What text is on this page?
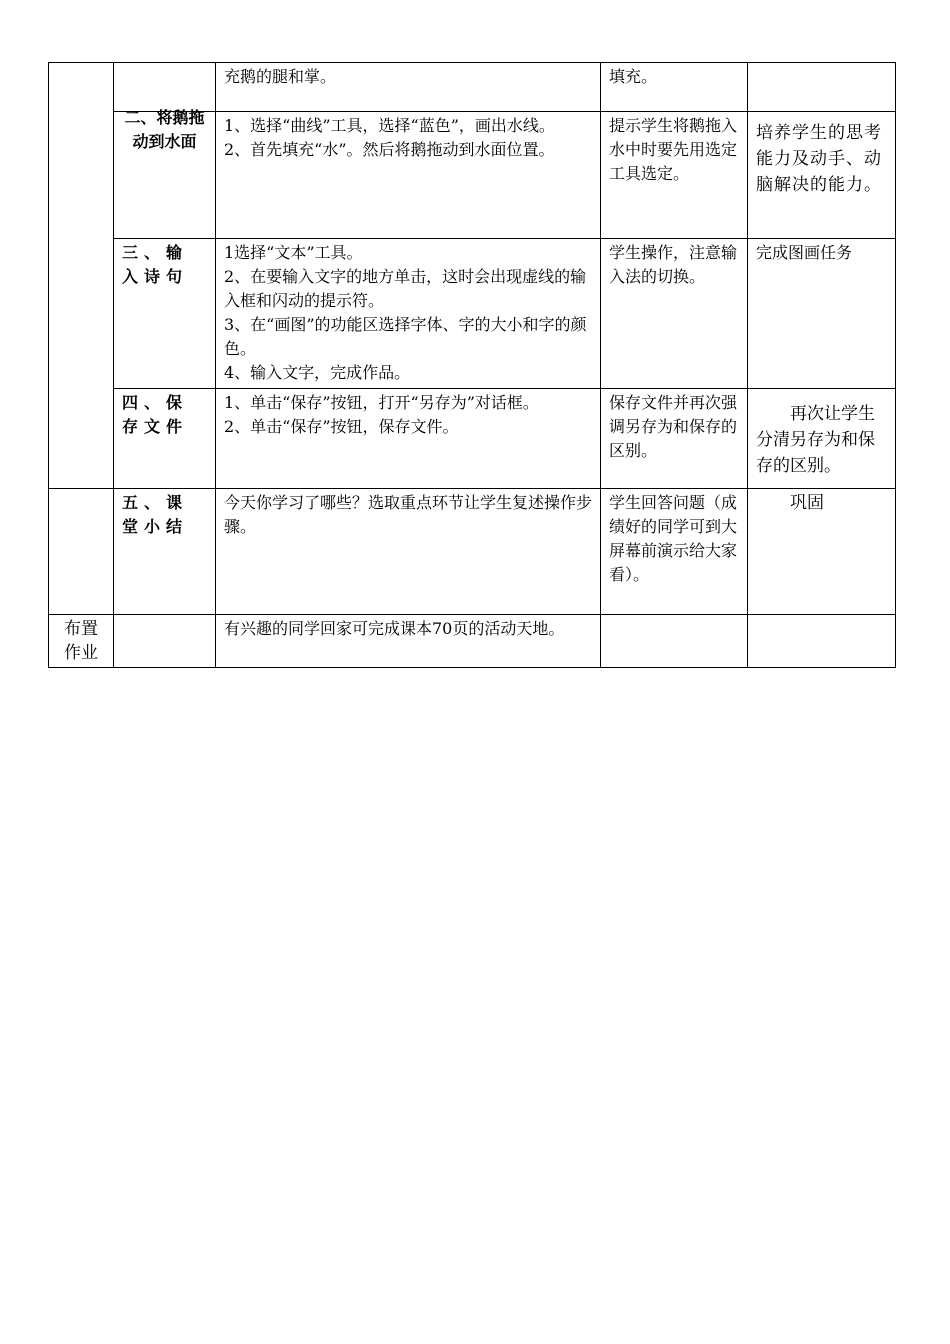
		充鹅的腿和掌。	填充。	

	二、将鹅拖动到水面	1、选择“曲线”工具，选择“蓝色”，画出水线。
2、首先填充“水”。然后将鹅拖动到水面位置。	提示学生将鹅拖入水中时要先用选定工具选定。	培养学生的思考能力及动手、动脑解决的能力。

	三、输入诗句	1选择“文本”工具。
2、在要输入文字的地方单击，这时会出现虚线的输入框和闪动的提示符。
3、在“画图”的功能区选择字体、字的大小和字的颜色。
4、输入文字，完成作品。	学生操作，注意输入法的切换。	完成图画任务

	四、保存文件	1、单击“保存”按钮，打开“另存为”对话框。
2、单击“保存”按钮，保存文件。	保存文件并再次强调另存为和保存的区别。	再次让学生分清另存为和保存的区别。

	五、课堂小结	今天你学习了哪些？选取重点环节让学生复述操作步骤。	学生回答问题（成绩好的同学可到大屏幕前演示给大家看）。	巩固

布置作业		有兴趣的同学回家可完成课本70页的活动天地。		
